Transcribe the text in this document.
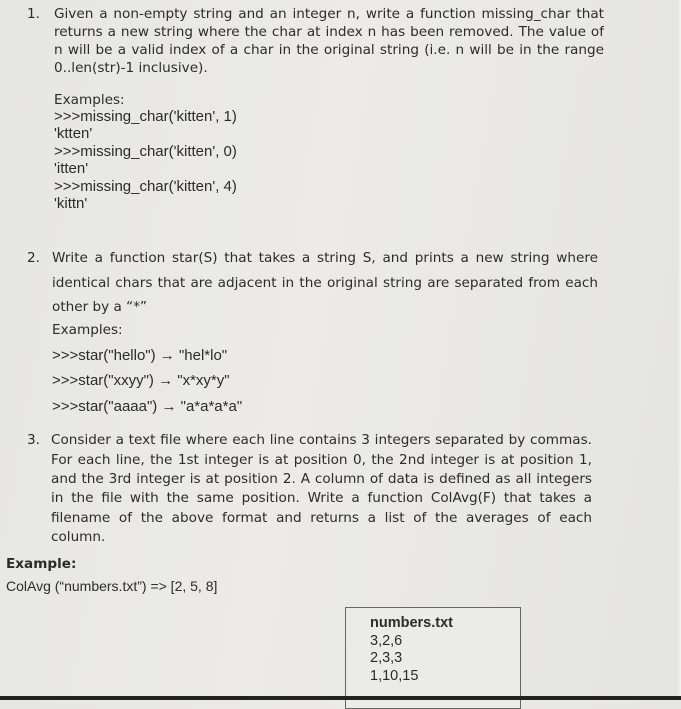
1. Given a non-empty string and an integer n, write a function missing_char that
returns a new string where the char at index n has been removed. The value of
n will be a valid index of a char in the original string (i.e. n will be in the range
0..len(str)-1 inclusive).
Examples:
>>>missing_char('kitten', 1)
'ktten'
>>>missing_char('kitten', 0)
'itten'
>>>missing_char('kitten', 4)
'kittn'
2. Write a function star(S) that takes a string S, and prints a new string where
identical chars that are adjacent in the original string are separated from each
other by a “*”
Examples:
>>>star("hello") → "hel*lo"
>>>star("xxyy") → "x*xy*y"
>>>star("aaaa") → "a*a*a*a"
3. Consider a text file where each line contains 3 integers separated by commas.
For each line, the 1st integer is at position 0, the 2nd integer is at position 1,
and the 3rd integer is at position 2. A column of data is defined as all integers
in the file with the same position. Write a function ColAvg(F) that takes a
filename of the above format and returns a list of the averages of each
column.
Example:
ColAvg (“numbers.txt”) => [2, 5, 8]
numbers.txt
3,2,6
2,3,3
1,10,15
